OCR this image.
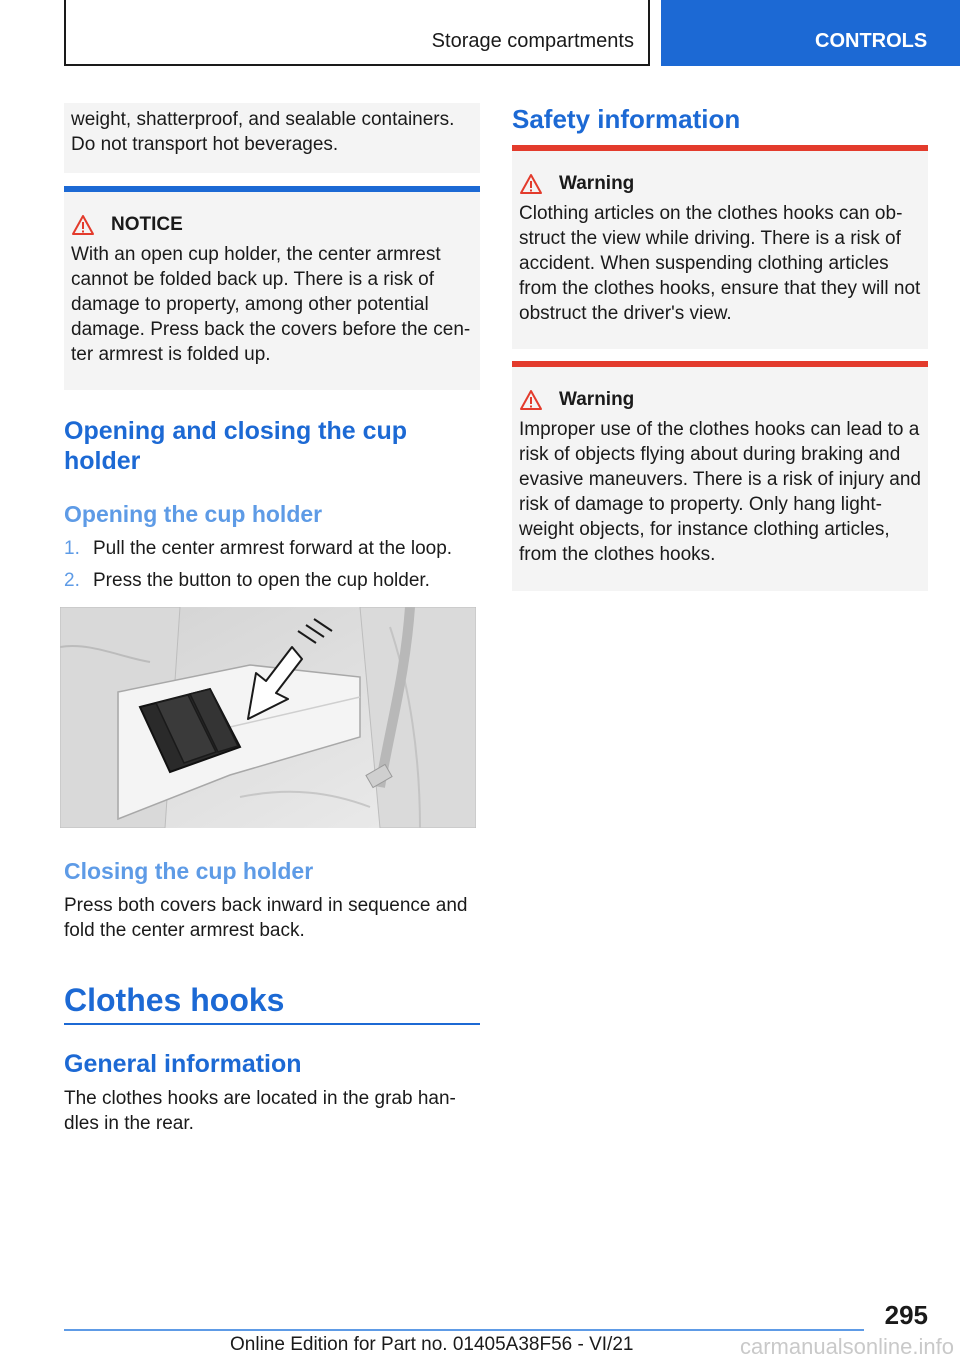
Storage compartments	CONTROLS

weight, shatterproof, and sealable containers. Do not transport hot beverages.

NOTICE

With an open cup holder, the center armrest cannot be folded back up. There is a risk of damage to property, among other potential damage. Press back the covers before the center armrest is folded up.

Opening and closing the cup holder
Opening the cup holder
1. Pull the center armrest forward at the loop.
2. Press the button to open the cup holder.
Closing the cup holder

Press both covers back inward in sequence and fold the center armrest back.

Clothes hooks
General information

The clothes hooks are located in the grab handles in the rear.

Safety information
Warning

Clothing articles on the clothes hooks can obstruct the view while driving. There is a risk of accident. When suspending clothing articles from the clothes hooks, ensure that they will not obstruct the driver's view.

Warning

Improper use of the clothes hooks can lead to a risk of objects flying about during braking and evasive maneuvers. There is a risk of injury and risk of damage to property. Only hang lightweight objects, for instance clothing articles, from the clothes hooks.

295
Online Edition for Part no. 01405A38F56 - VI/21	carmanualsonline.info
